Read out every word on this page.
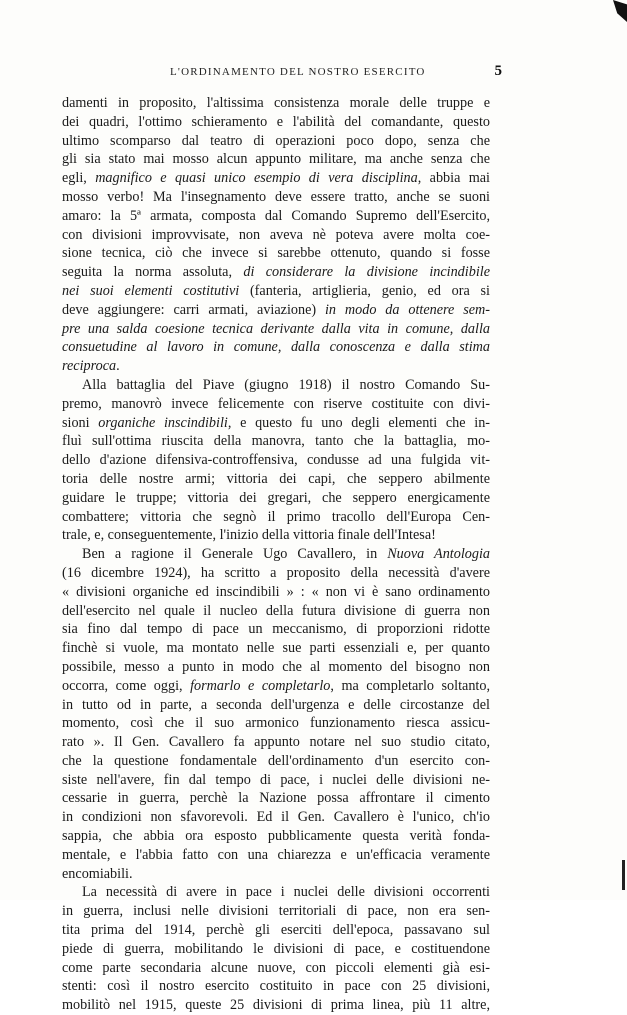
L'ORDINAMENTO DEL NOSTRO ESERCITO	5
damenti in proposito, l'altissima consistenza morale delle truppe e
dei quadri, l'ottimo schieramento e l'abilità del comandante, questo
ultimo scomparso dal teatro di operazioni poco dopo, senza che
gli sia stato mai mosso alcun appunto militare, ma anche senza che
egli, magnifico e quasi unico esempio di vera disciplina, abbia mai
mosso verbo! Ma l'insegnamento deve essere tratto, anche se suoni
amaro: la 5ª armata, composta dal Comando Supremo dell'Esercito,
con divisioni improvvisate, non aveva nè poteva avere molta coe-
sione tecnica, ciò che invece si sarebbe ottenuto, quando si fosse
seguita la norma assoluta, di considerare la divisione incindibile
nei suoi elementi costitutivi (fanteria, artiglieria, genio, ed ora si
deve aggiungere: carri armati, aviazione) in modo da ottenere sem-
pre una salda coesione tecnica derivante dalla vita in comune, dalla
consuetudine al lavoro in comune, dalla conoscenza e dalla stima
reciproca.
Alla battaglia del Piave (giugno 1918) il nostro Comando Su-
premo, manovrò invece felicemente con riserve costituite con divi-
sioni organiche inscindibili, e questo fu uno degli elementi che in-
fluì sull'ottima riuscita della manovra, tanto che la battaglia, mo-
dello d'azione difensiva-controffensiva, condusse ad una fulgida vit-
toria delle nostre armi; vittoria dei capi, che seppero abilmente
guidare le truppe; vittoria dei gregari, che seppero energicamente
combattere; vittoria che segnò il primo tracollo dell'Europa Cen-
trale, e, conseguentemente, l'inizio della vittoria finale dell'Intesa!
Ben a ragione il Generale Ugo Cavallero, in Nuova Antologia
(16 dicembre 1924), ha scritto a proposito della necessità d'avere
« divisioni organiche ed inscindibili » : « non vi è sano ordinamento
dell'esercito nel quale il nucleo della futura divisione di guerra non
sia fino dal tempo di pace un meccanismo, di proporzioni ridotte
finchè si vuole, ma montato nelle sue parti essenziali e, per quanto
possibile, messo a punto in modo che al momento del bisogno non
occorra, come oggi, formarlo e completarlo, ma completarlo soltanto,
in tutto od in parte, a seconda dell'urgenza e delle circostanze del
momento, così che il suo armonico funzionamento riesca assicu-
rato ». Il Gen. Cavallero fa appunto notare nel suo studio citato,
che la questione fondamentale dell'ordinamento d'un esercito con-
siste nell'avere, fin dal tempo di pace, i nuclei delle divisioni ne-
cessarie in guerra, perchè la Nazione possa affrontare il cimento
in condizioni non sfavorevoli. Ed il Gen. Cavallero è l'unico, ch'io
sappia, che abbia ora esposto pubblicamente questa verità fonda-
mentale, e l'abbia fatto con una chiarezza e un'efficacia veramente
encomiabili.
La necessità di avere in pace i nuclei delle divisioni occorrenti
in guerra, inclusi nelle divisioni territoriali di pace, non era sen-
tita prima del 1914, perchè gli eserciti dell'epoca, passavano sul
piede di guerra, mobilitando le divisioni di pace, e costituendone
come parte secondaria alcune nuove, con piccoli elementi già esi-
stenti: così il nostro esercito costituito in pace con 25 divisioni,
mobilitò nel 1915, queste 25 divisioni di prima linea, più 11 altre,
